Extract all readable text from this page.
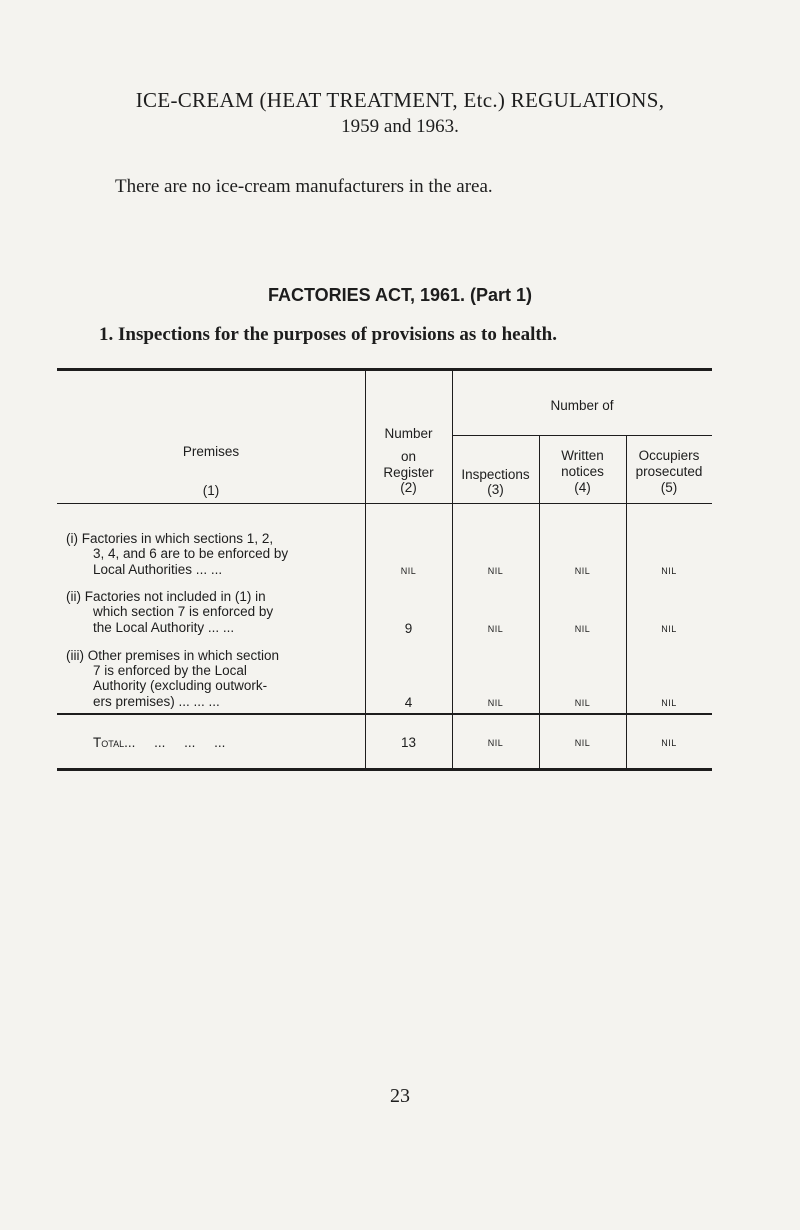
ICE-CREAM (HEAT TREATMENT, Etc.) REGULATIONS,
1959 and 1963.
There are no ice-cream manufacturers in the area.
FACTORIES ACT, 1961. (Part 1)
1. Inspections for the purposes of provisions as to health.
Number of
Premises
(1)
Number
on
Register
(2)
Inspections
(3)
Written
notices
(4)
Occupiers
prosecuted
(5)
(i) Factories in which sections 1, 2,
3, 4, and 6 are to be enforced by
Local Authorities ... ...	NIL	NIL	NIL	NIL
(ii) Factories not included in (1) in
which section 7 is enforced by
the Local Authority ... ...	9	NIL	NIL	NIL
(iii) Other premises in which section
7 is enforced by the Local
Authority (excluding outwork-
ers premises) ... ... ...	4	NIL	NIL	NIL
Total...     ...     ...     ...	13	NIL	NIL	NIL
23
